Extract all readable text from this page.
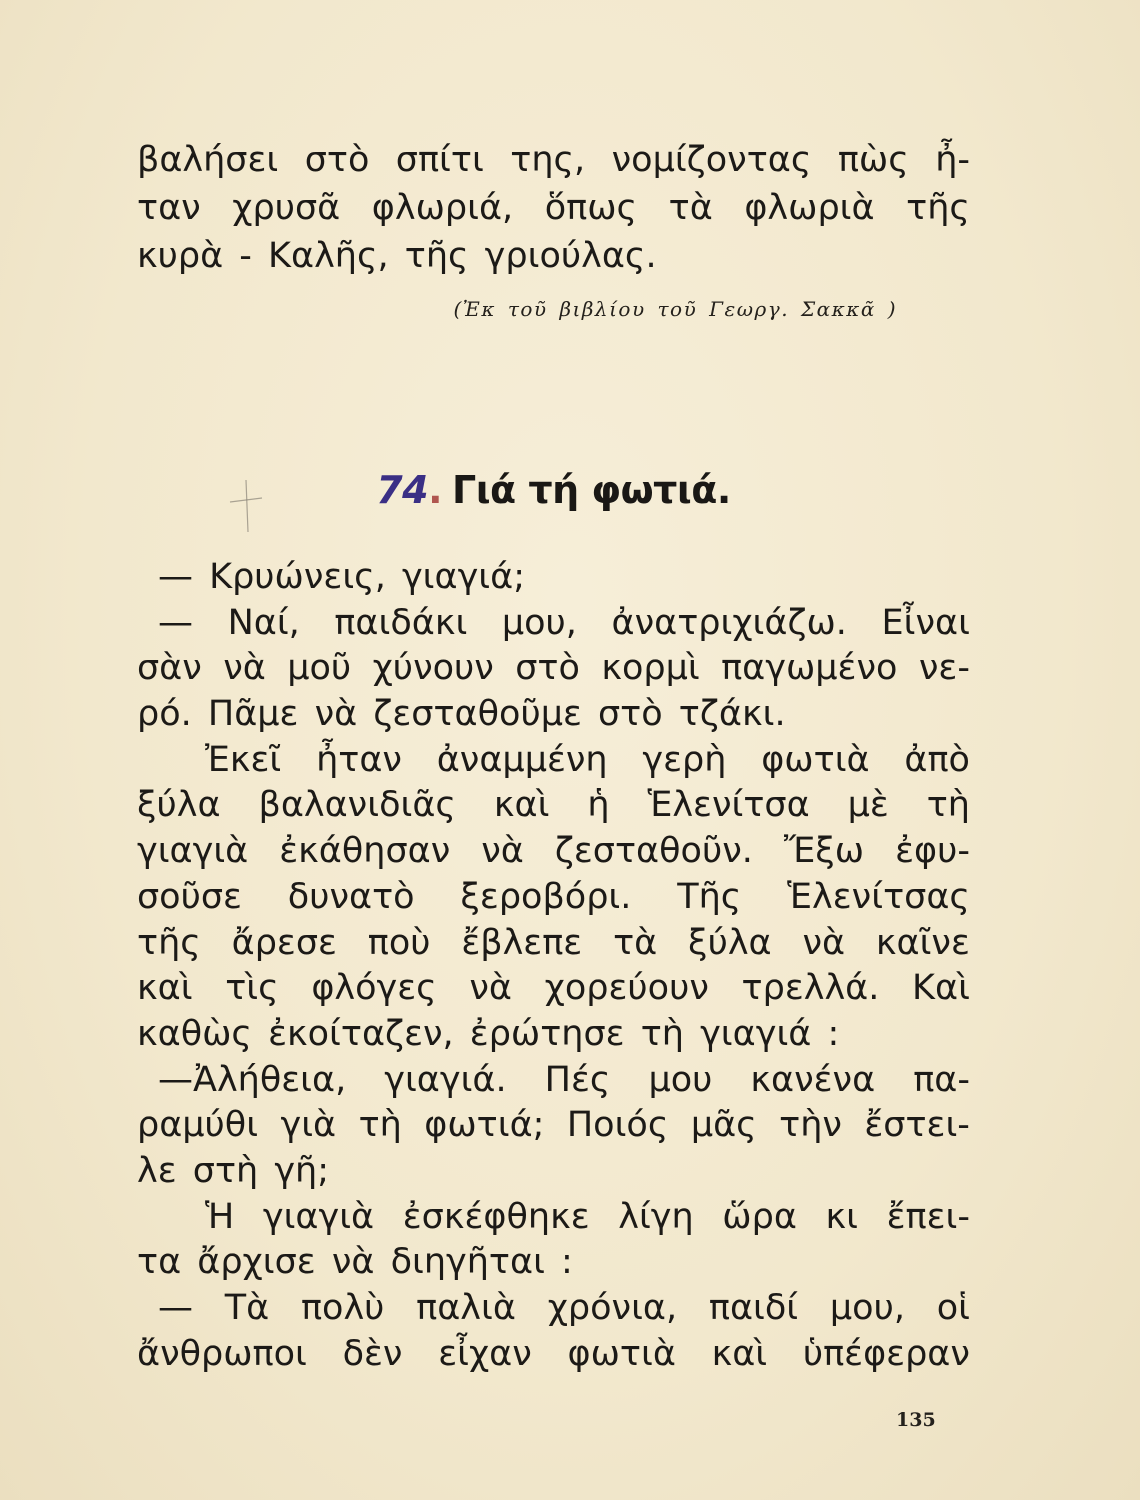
βαλήσει στὸ σπίτι της, νομίζοντας πὼς ἦ-
ταν χρυσᾶ φλωριά, ὅπως τὰ φλωριὰ τῆς
κυρὰ - Καλῆς, τῆς γριούλας.
(Ἐκ τοῦ βιβλίου τοῦ Γεωργ. Σακκᾶ )
74. Γιά τή φωτιά.
— Κρυώνεις, γιαγιά;
— Ναί, παιδάκι μου, ἀνατριχιάζω. Εἶναι
σὰν νὰ μοῦ χύνουν στὸ κορμὶ παγωμένο νε-
ρό. Πᾶμε νὰ ζεσταθοῦμε στὸ τζάκι.
Ἐκεῖ ἦταν ἀναμμένη γερὴ φωτιὰ ἀπὸ
ξύλα βαλανιδιᾶς καὶ ἡ Ἑλενίτσα μὲ τὴ
γιαγιὰ ἐκάθησαν νὰ ζεσταθοῦν. Ἔξω ἐφυ-
σοῦσε δυνατὸ ξεροβόρι. Τῆς Ἑλενίτσας
τῆς ἄρεσε ποὺ ἔβλεπε τὰ ξύλα νὰ καῖνε
καὶ τὶς φλόγες νὰ χορεύουν τρελλά. Καὶ
καθὼς ἐκοίταζεν, ἐρώτησε τὴ γιαγιά :
—Ἀλήθεια, γιαγιά. Πές μου κανένα πα-
ραμύθι γιὰ τὴ φωτιά; Ποιός μᾶς τὴν ἔστει-
λε στὴ γῆ;
Ἡ γιαγιὰ ἐσκέφθηκε λίγη ὥρα κι ἔπει-
τα ἄρχισε νὰ διηγῆται :
— Τὰ πολὺ παλιὰ χρόνια, παιδί μου, οἱ
ἄνθρωποι δὲν εἶχαν φωτιὰ καὶ ὑπέφεραν
135
